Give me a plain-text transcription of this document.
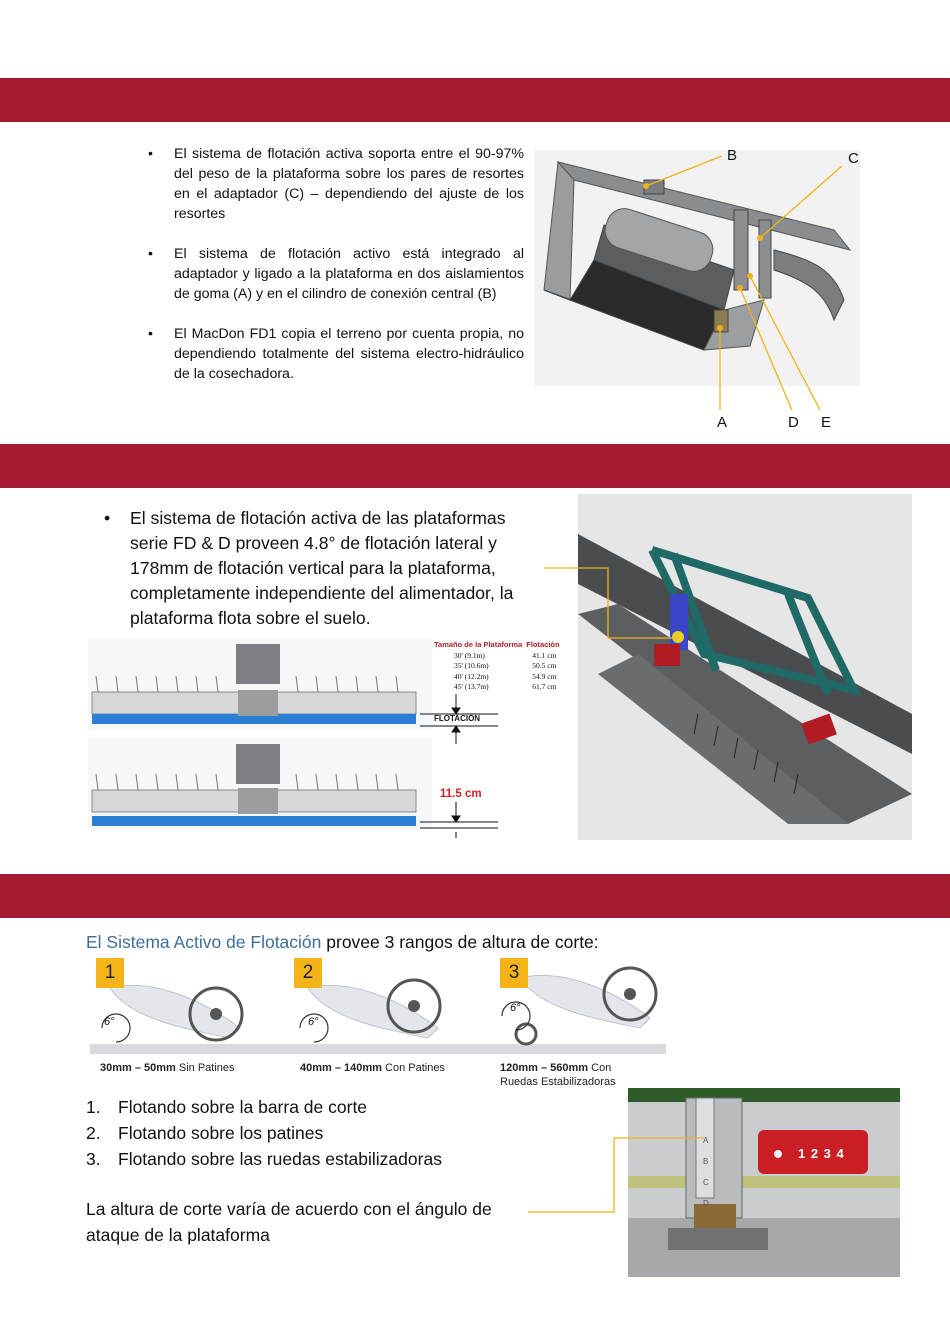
• El sistema de flotación activa soporta entre el 90-97% del peso de la plataforma sobre los pares de resortes en el adaptador (C) – dependiendo del ajuste de los resortes
• El sistema de flotación activo está integrado al adaptador y ligado a la plataforma en dos aislamientos de goma (A) y en el cilindro de conexión central (B)
• El MacDon FD1 copia el terreno por cuenta propia, no dependiendo totalmente del sistema electro-hidráulico de la cosechadora.
B	C
A	D E
• El sistema de flotación activa de las plataformas serie FD & D proveen 4.8° de flotación lateral y 178mm de flotación vertical para la plataforma, completamente independiente del alimentador, la plataforma flota sobre el suelo.
FLOTACIÓN
11.5 cm
Tamaño de la Plataforma	Flotación
30' (9.1m)	41.1 cm
35' (10.6m)	50.5 cm
40' (12.2m)	54.9 cm
45' (13.7m)	61.7 cm
El Sistema Activo de Flotación provee 3 rangos de altura de corte:
1	2	3
6°	6°
6°
30mm – 50mm Sin Patines	40mm – 140mm Con Patines	120mm – 560mm Con Ruedas Estabilizadoras
1. Flotando sobre la barra de corte
2. Flotando sobre los patines
3. Flotando sobre las ruedas estabilizadoras
La altura de corte varía de acuerdo con el ángulo de ataque de la plataforma
A
B
C
D
1 2 3 4
